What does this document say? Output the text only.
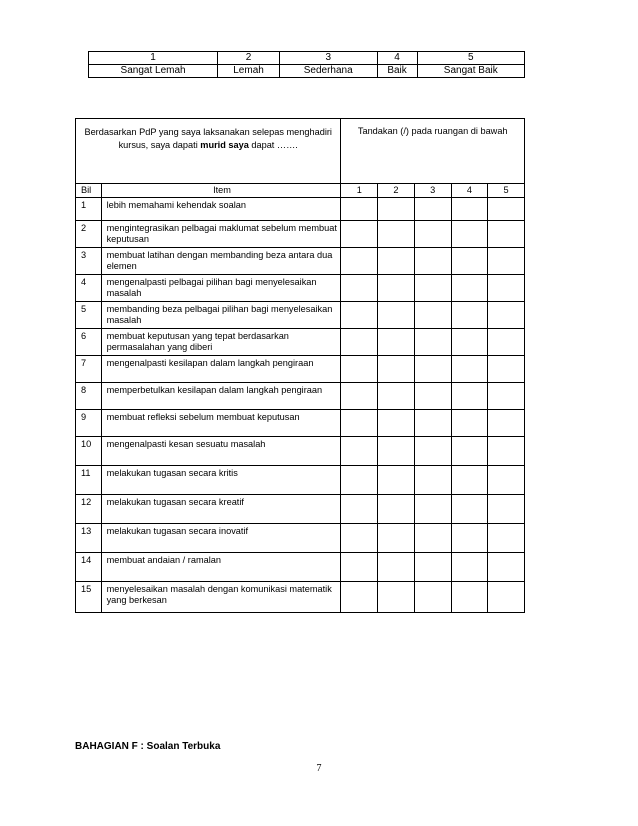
1	2	3	4	5
Sangat Lemah	Lemah	Sederhana	Baik	Sangat Baik
Berdasarkan PdP yang saya laksanakan selepas menghadiri kursus, saya dapati murid saya dapat …….		Tandakan (/) pada ruangan di bawah				
Bil	Item	1	2	3	4	5
1	lebih memahami kehendak soalan					
2	mengintegrasikan pelbagai maklumat sebelum membuat keputusan					
3	membuat latihan dengan membanding beza antara dua elemen					
4	mengenalpasti pelbagai pilihan bagi menyelesaikan masalah					
5	membanding beza pelbagai pilihan bagi menyelesaikan masalah					
6	membuat keputusan yang tepat berdasarkan permasalahan yang diberi					
7	mengenalpasti kesilapan dalam langkah pengiraan					
8	memperbetulkan kesilapan dalam langkah pengiraan					
9	membuat refleksi sebelum membuat keputusan					
10	mengenalpasti kesan sesuatu masalah					
11	melakukan tugasan secara kritis					
12	melakukan tugasan secara kreatif					
13	melakukan tugasan secara inovatif					
14	membuat andaian / ramalan					
15	menyelesaikan masalah dengan komunikasi matematik yang berkesan					
BAHAGIAN F : Soalan Terbuka
7
